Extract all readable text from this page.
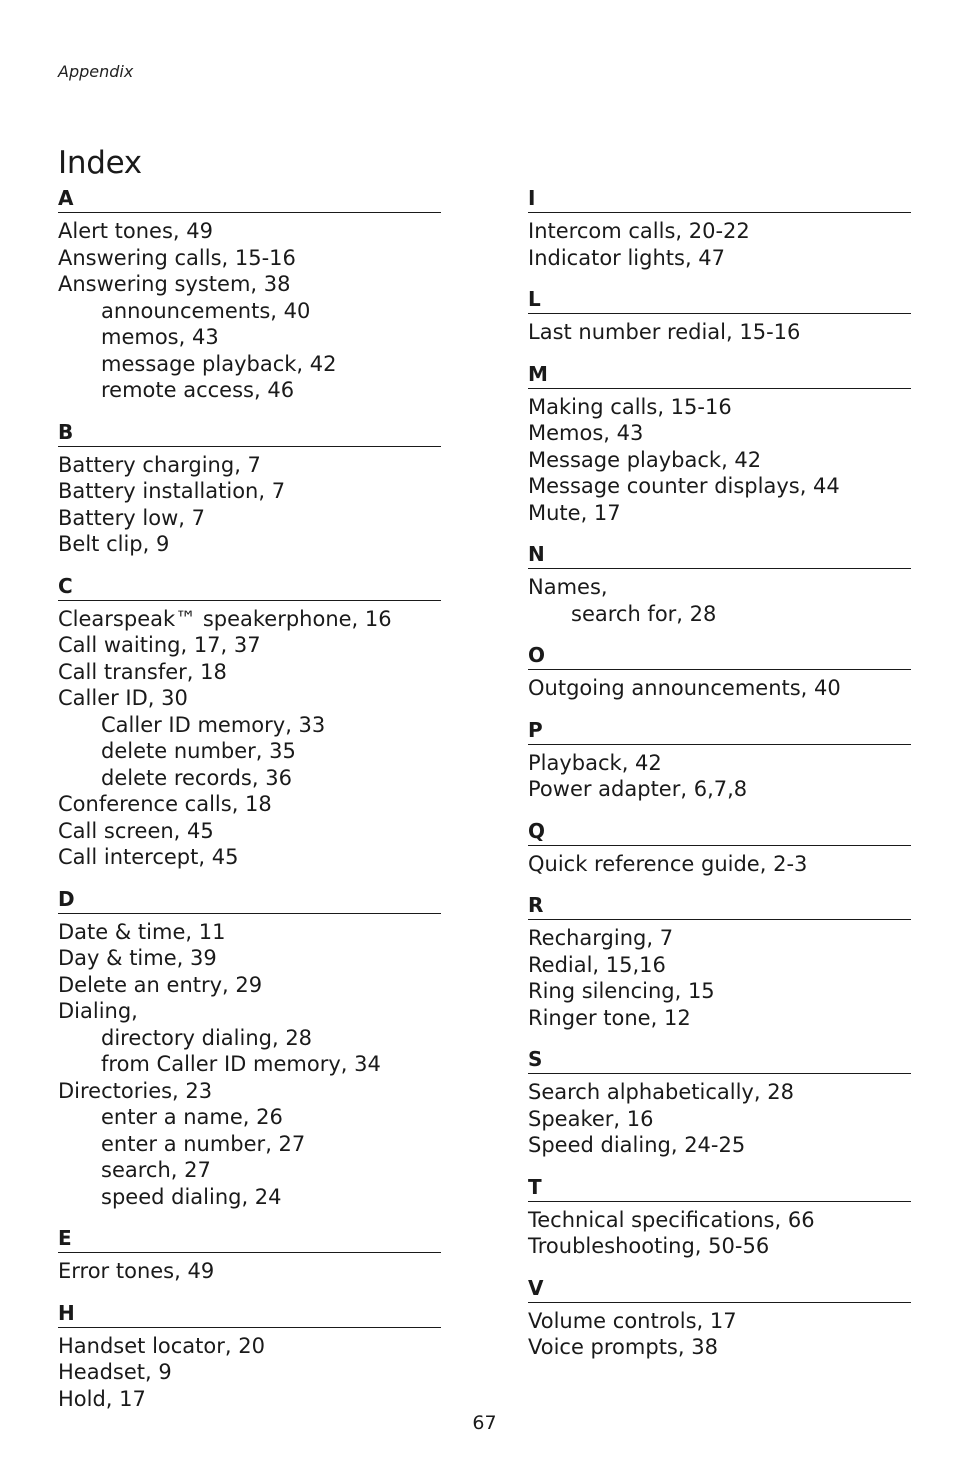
Appendix
Index
A
Alert tones, 49
Answering calls, 15-16
Answering system, 38
announcements, 40
memos, 43
message playback, 42
remote access, 46
B
Battery charging, 7
Battery installation, 7
Battery low, 7
Belt clip, 9
C
Clearspeak™ speakerphone, 16
Call waiting, 17, 37
Call transfer, 18
Caller ID, 30
Caller ID memory, 33
delete number, 35
delete records, 36
Conference calls, 18
Call screen, 45
Call intercept, 45
D
Date & time, 11
Day & time, 39
Delete an entry, 29
Dialing,
directory dialing, 28
from Caller ID memory, 34
Directories, 23
enter a name, 26
enter a number, 27
search, 27
speed dialing, 24
E
Error tones, 49
H
Handset locator, 20
Headset, 9
Hold, 17
I
Intercom calls, 20-22
Indicator lights, 47
L
Last number redial, 15-16
M
Making calls, 15-16
Memos, 43
Message playback, 42
Message counter displays, 44
Mute, 17
N
Names,
search for, 28
O
Outgoing announcements, 40
P
Playback, 42
Power adapter, 6,7,8
Q
Quick reference guide, 2-3
R
Recharging, 7
Redial, 15,16
Ring silencing, 15
Ringer tone, 12
S
Search alphabetically, 28
Speaker, 16
Speed dialing, 24-25
T
Technical specifications, 66
Troubleshooting, 50-56
V
Volume controls, 17
Voice prompts, 38
67
